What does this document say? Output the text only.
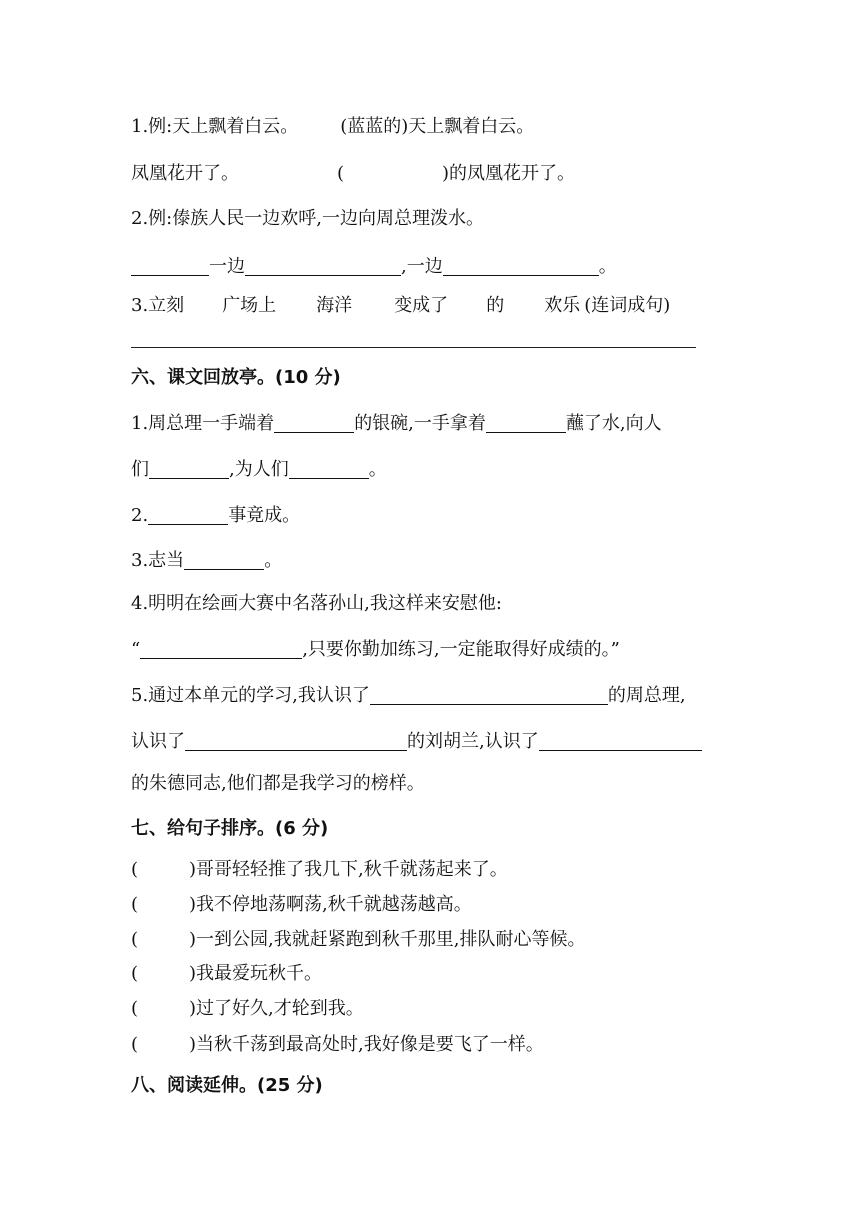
1.例:天上飘着白云。 (蓝蓝的)天上飘着白云。
凤凰花开了。	(	)的凤凰花开了。
2.例:傣族人民一边欢呼,一边向周总理泼水。
一边	,一边	。
3.立刻 广场上 海洋 变成了 的 欢乐 (连词成句)
六、课文回放亭。(10 分)
1.周总理一手端着	的银碗,一手拿着	蘸了水,向人
们	,为人们	。
2.	事竟成。
3.志当	。
4.明明在绘画大赛中名落孙山,我这样来安慰他:
“	,只要你勤加练习,一定能取得好成绩的。”
5.通过本单元的学习,我认识了	的周总理,
认识了	的刘胡兰,认识了
的朱德同志,他们都是我学习的榜样。
七、给句子排序。(6 分)
(	)哥哥轻轻推了我几下,秋千就荡起来了。
(	)我不停地荡啊荡,秋千就越荡越高。
(	)一到公园,我就赶紧跑到秋千那里,排队耐心等候。
(	)我最爱玩秋千。
(	)过了好久,才轮到我。
(	)当秋千荡到最高处时,我好像是要飞了一样。
八、阅读延伸。(25 分)
